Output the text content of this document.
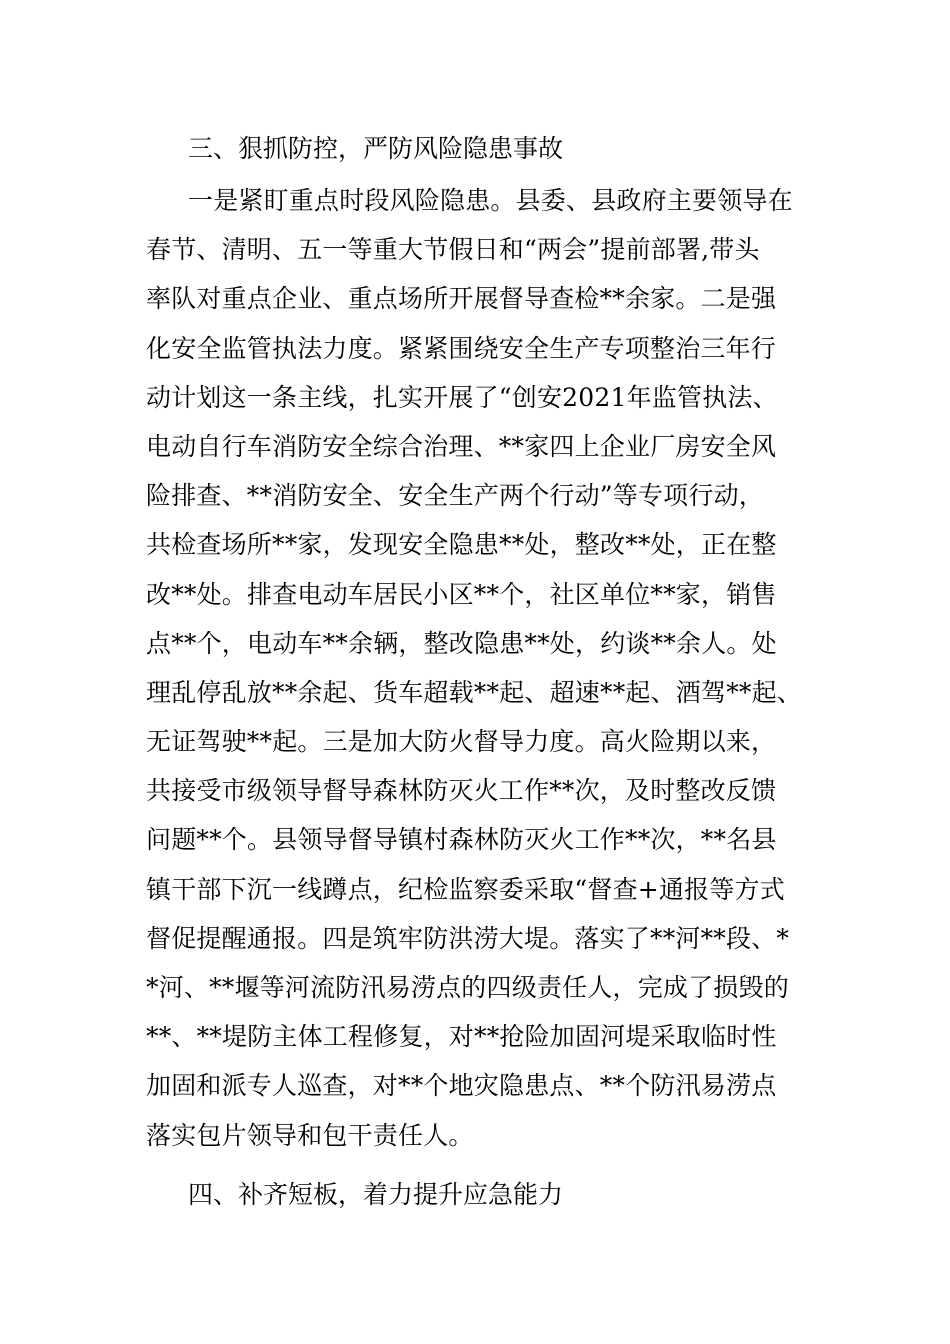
三、狠抓防控，严防风险隐患事故
一是紧盯重点时段风险隐患。县委、县政府主要领导在
春节、清明、五一等重大节假日和“两会”提前部署,带头
率队对重点企业、重点场所开展督导查检**余家。二是强
化安全监管执法力度。紧紧围绕安全生产专项整治三年行
动计划这一条主线，扎实开展了“创安2021年监管执法、
电动自行车消防安全综合治理、**家四上企业厂房安全风
险排查、**消防安全、安全生产两个行动”等专项行动，
共检查场所**家，发现安全隐患**处，整改**处，正在整
改**处。排查电动车居民小区**个，社区单位**家，销售
点**个，电动车**余辆，整改隐患**处，约谈**余人。处
理乱停乱放**余起、货车超载**起、超速**起、酒驾**起、
无证驾驶**起。三是加大防火督导力度。高火险期以来，
共接受市级领导督导森林防灭火工作**次，及时整改反馈
问题**个。县领导督导镇村森林防灭火工作**次，**名县
镇干部下沉一线蹲点，纪检监察委采取“督查+通报等方式
督促提醒通报。四是筑牢防洪涝大堤。落实了**河**段、*
*河、**堰等河流防汛易涝点的四级责任人，完成了损毁的
**、**堤防主体工程修复，对**抢险加固河堤采取临时性
加固和派专人巡查，对**个地灾隐患点、**个防汛易涝点
落实包片领导和包干责任人。
四、补齐短板，着力提升应急能力
